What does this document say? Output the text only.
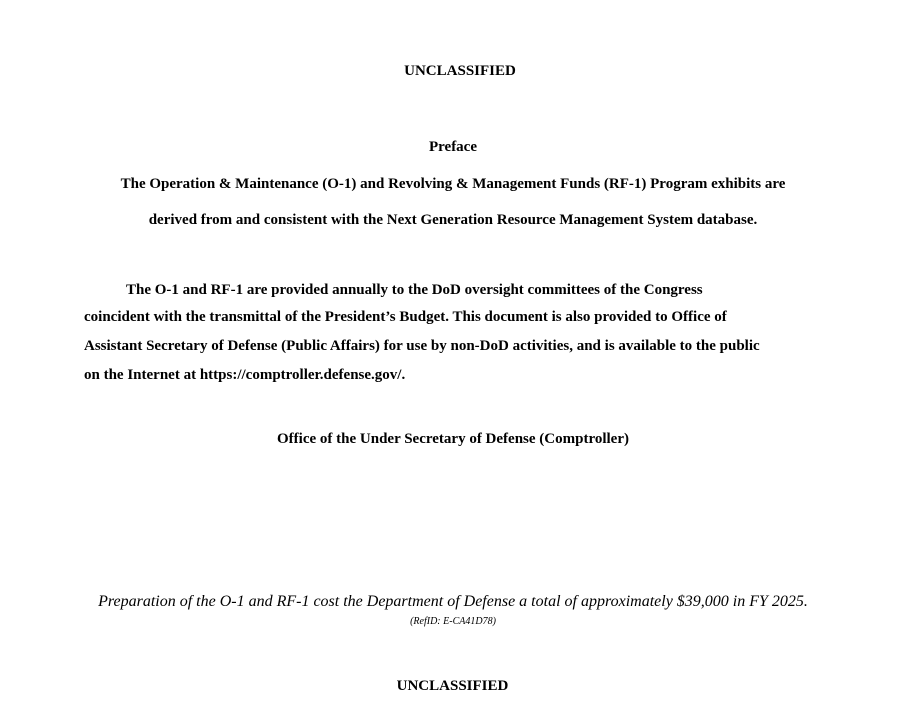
UNCLASSIFIED
Preface
The Operation & Maintenance (O-1) and Revolving & Management Funds (RF-1) Program exhibits are
derived from and consistent with the Next Generation Resource Management System database.
The O-1 and RF-1 are provided annually to the DoD oversight committees of the Congress
coincident with the transmittal of the President’s Budget. This document is also provided to Office of
Assistant Secretary of Defense (Public Affairs) for use by non-DoD activities, and is available to the public
on the Internet at https://comptroller.defense.gov/.
Office of the Under Secretary of Defense (Comptroller)
Preparation of the O-1 and RF-1 cost the Department of Defense a total of approximately $39,000 in FY 2025.
(RefID: E-CA41D78)
UNCLASSIFIED
